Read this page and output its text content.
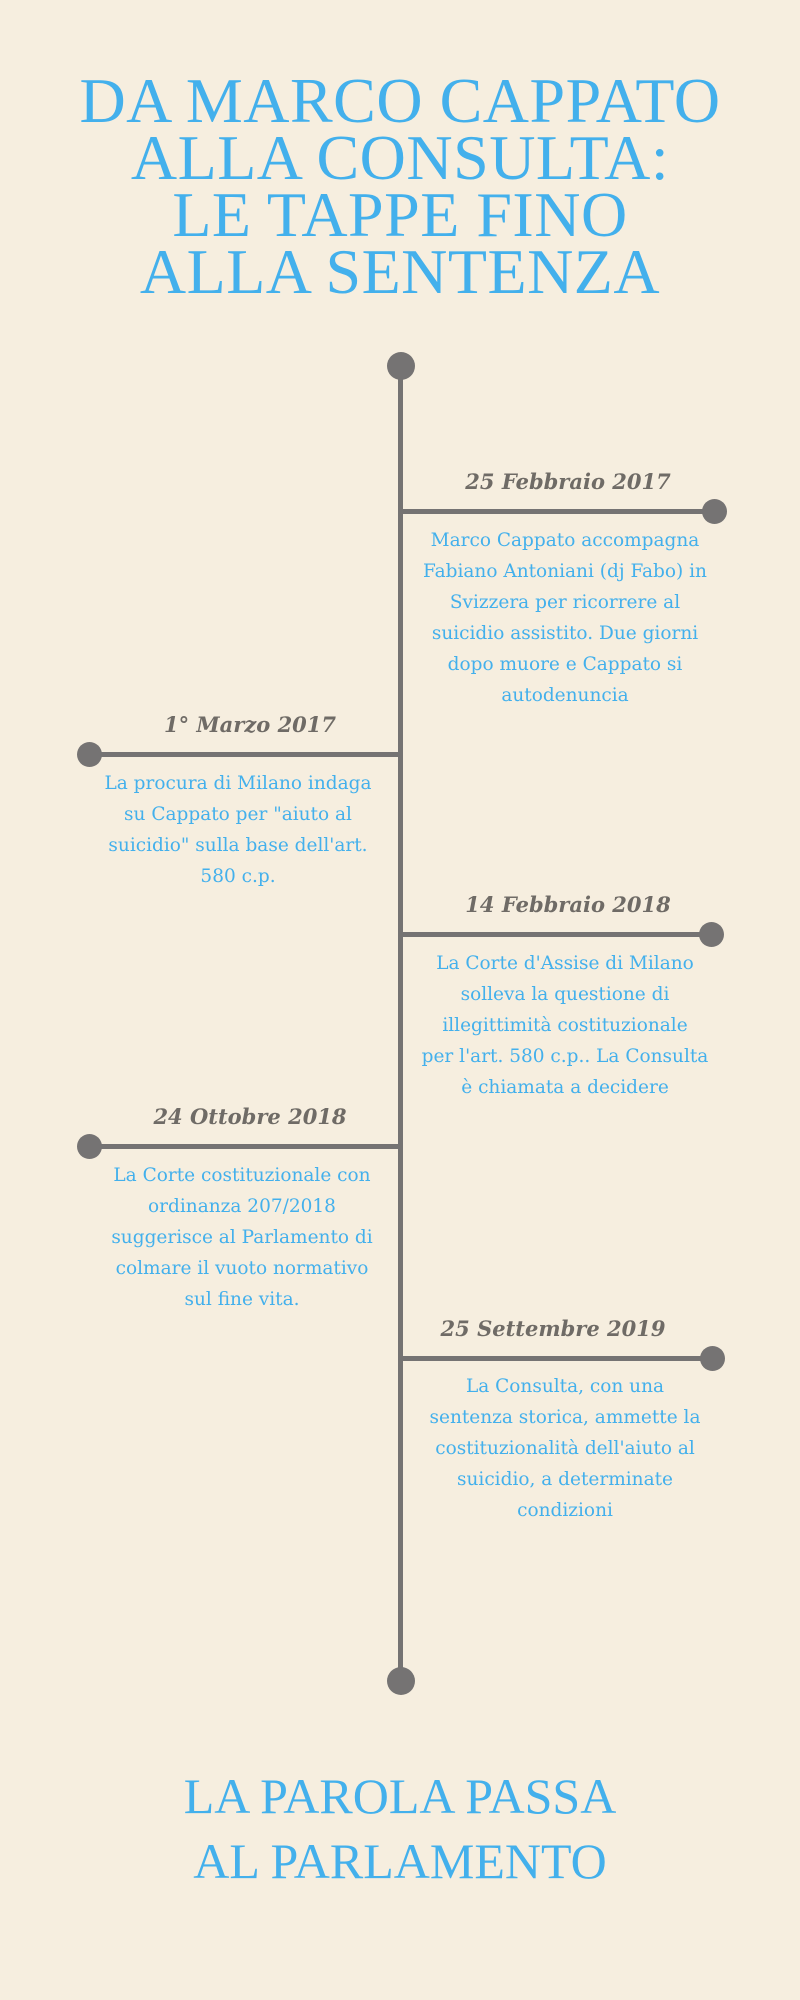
DA MARCO CAPPATO
ALLA CONSULTA:
LE TAPPE FINO
ALLA SENTENZA
25 Febbraio 2017
Marco Cappato accompagna
Fabiano Antoniani (dj Fabo) in
Svizzera per ricorrere al
suicidio assistito. Due giorni
dopo muore e Cappato si
autodenuncia
1° Marzo 2017
La procura di Milano indaga
su Cappato per "aiuto al
suicidio" sulla base dell'art.
580 c.p.
14 Febbraio 2018
La Corte d'Assise di Milano
solleva la questione di
illegittimità costituzionale
per l'art. 580 c.p.. La Consulta
è chiamata a decidere
24 Ottobre 2018
La Corte costituzionale con
ordinanza 207/2018
suggerisce al Parlamento di
colmare il vuoto normativo
sul fine vita.
25 Settembre 2019
La Consulta, con una
sentenza storica, ammette la
costituzionalità dell'aiuto al
suicidio, a determinate
condizioni
LA PAROLA PASSA
AL PARLAMENTO
